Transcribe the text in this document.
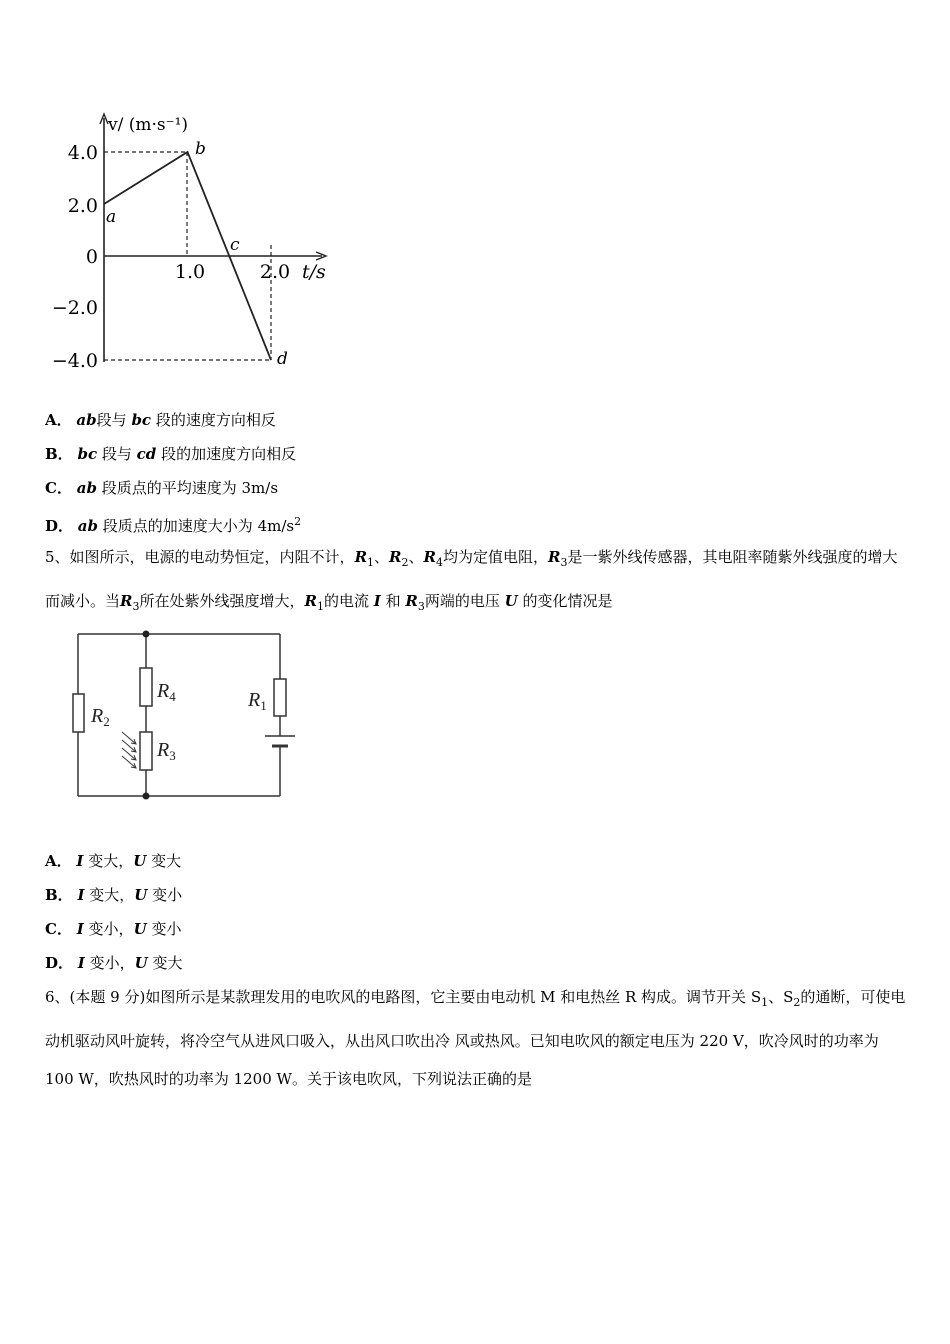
4.0
2.0
0
−2.0
−4.0
1.0	2.0 t/s
v/ (m·s⁻¹)
a
b
c
d
A． ab段与 bc 段的速度方向相反
B． bc 段与 cd 段的加速度方向相反
C． ab 段质点的平均速度为 3m/s
D． ab 段质点的加速度大小为 $4m/s^2$
5、如图所示，电源的电动势恒定，内阻不计，$R_1$、$R_2$、$R_4$均为定值电阻，$R_3$是一紫外线传感器，其电阻率随紫外线强度的增大而减小。当$R_3$所在处紫外线强度增大，$R_1$的电流 I 和 $R_3$两端的电压 U 的变化情况是
$R_2$
$R_4$
$R_3$
$R_1$
A． I 变大，U 变大
B． I 变大，U 变小
C． I 变小，U 变小
D． I 变小，U 变大
6、(本题 9 分)如图所示是某款理发用的电吹风的电路图，它主要由电动机 M 和电热丝 R 构成。调节开关 $S_1$、$S_2$的通断，可使电动机驱动风叶旋转，将冷空气从进风口吸入，从出风口吹出冷 风或热风。已知电吹风的额定电压为 220 V，吹冷风时的功率为 100 W，吹热风时的功率为 1200 W。关于该电吹风，下列说法正确的是
